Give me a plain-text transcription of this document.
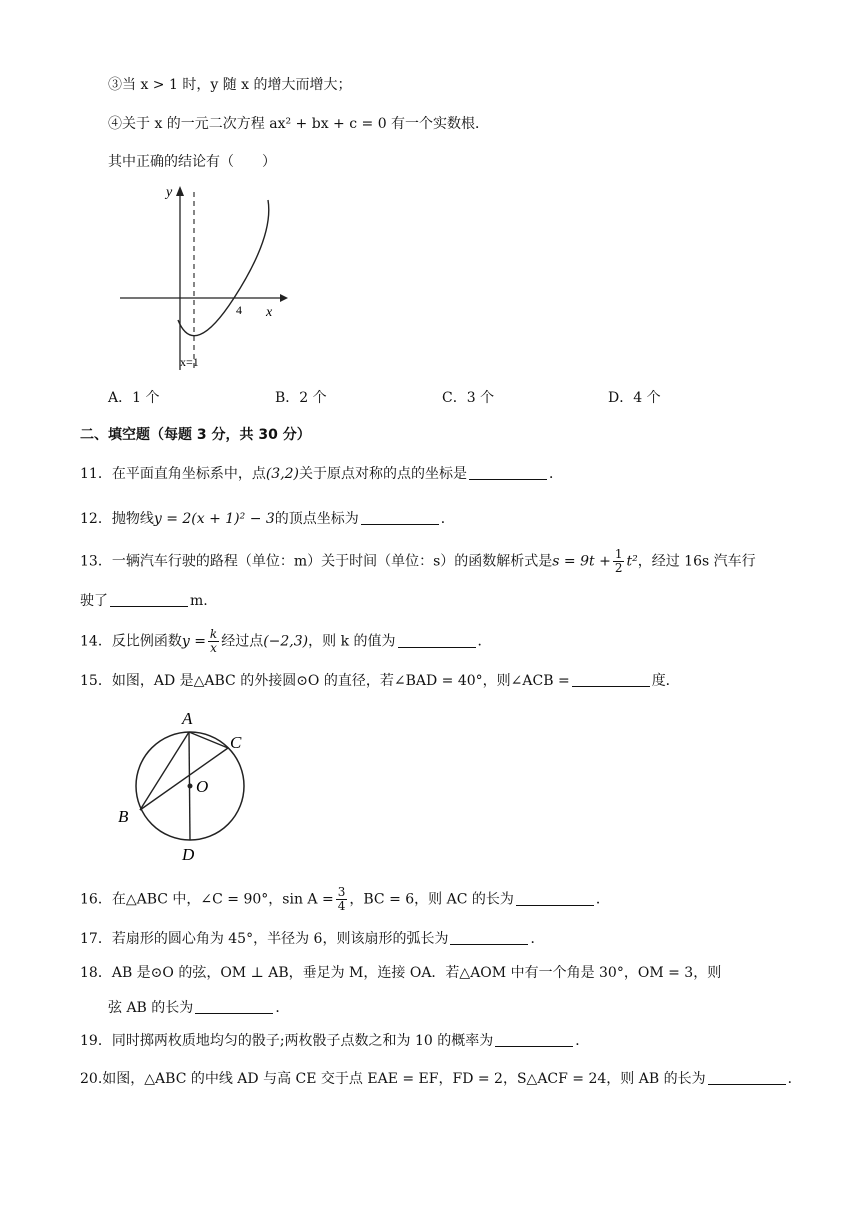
③当 x > 1 时，y 随 x 的增大而增大；
④关于 x 的一元二次方程 ax² + bx + c = 0 有一个实数根．
其中正确的结论有（　　）
y
x
4
x=1
A．1 个	B．2 个	C．3 个	D．4 个
二、填空题（每题 3 分，共 30 分）
11．在平面直角坐标系中，点(3,2)关于原点对称的点的坐标是	．
12．抛物线y = 2(x + 1)² − 3的顶点坐标为	．
13．一辆汽车行驶的路程（单位：m）关于时间（单位：s）的函数解析式是$s = 9t + \frac{1}{2} t^2$，经过 16s 汽车行
驶了	m.
14．反比例函数$y = \frac{k}{x}$ 经过点(−2,3)，则 k 的值为	．
15．如图，AD 是△ABC 的外接圆⊙O 的直径，若∠BAD = 40°，则∠ACB =	度．
A
C
O
B
D
16．在△ABC 中，∠C = 90°，$\sin A = \frac{3}{4}$ ，BC = 6，则 AC 的长为	．
17．若扇形的圆心角为 45°，半径为 6，则该扇形的弧长为	．
18．AB 是⊙O 的弦，OM ⊥ AB，垂足为 M，连接 OA．若△AOM 中有一个角是 30°，OM = 3，则
弦 AB 的长为	．
19．同时掷两枚质地均匀的骰子;两枚骰子点数之和为 10 的概率为	．
20.如图，△ABC 的中线 AD 与高 CE 交于点 EAE = EF，FD = 2，S△ACF = 24，则 AB 的长为	．
